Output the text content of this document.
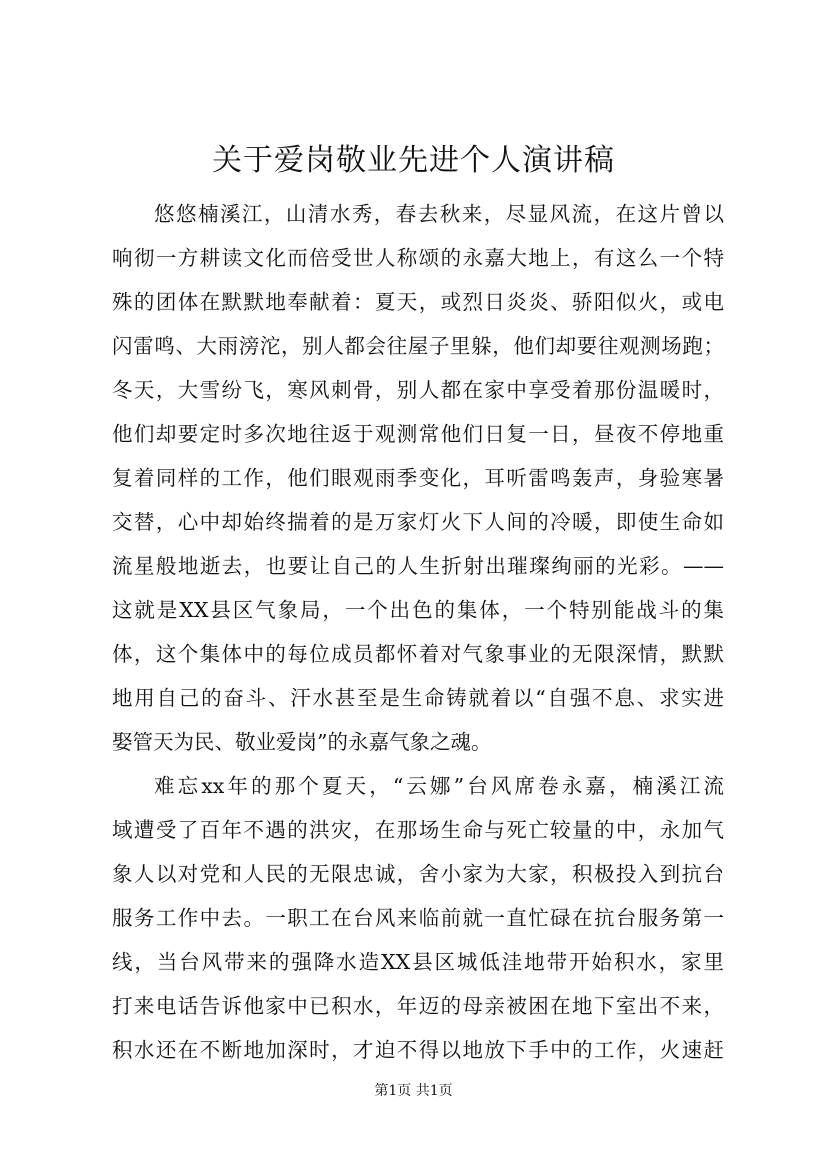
关于爱岗敬业先进个人演讲稿
悠悠楠溪江，山清水秀，春去秋来，尽显风流，在这片曾以
响彻一方耕读文化而倍受世人称颂的永嘉大地上，有这么一个特
殊的团体在默默地奉献着：夏天，或烈日炎炎、骄阳似火，或电
闪雷鸣、大雨滂沱，别人都会往屋子里躲，他们却要往观测场跑；
冬天，大雪纷飞，寒风刺骨，别人都在家中享受着那份温暖时，
他们却要定时多次地往返于观测常他们日复一日，昼夜不停地重
复着同样的工作，他们眼观雨季变化，耳听雷鸣轰声，身验寒暑
交替，心中却始终揣着的是万家灯火下人间的冷暖，即使生命如
流星般地逝去，也要让自己的人生折射出璀璨绚丽的光彩。——
这就是XX县区气象局，一个出色的集体，一个特别能战斗的集
体，这个集体中的每位成员都怀着对气象事业的无限深情，默默
地用自己的奋斗、汗水甚至是生命铸就着以“自强不息、求实进
娶管天为民、敬业爱岗”的永嘉气象之魂。
难忘xx年的那个夏天，“云娜”台风席卷永嘉，楠溪江流
域遭受了百年不遇的洪灾，在那场生命与死亡较量的中，永加气
象人以对党和人民的无限忠诚，舍小家为大家，积极投入到抗台
服务工作中去。一职工在台风来临前就一直忙碌在抗台服务第一
线，当台风带来的强降水造XX县区城低洼地带开始积水，家里
打来电话告诉他家中已积水，年迈的母亲被困在地下室出不来，
积水还在不断地加深时，才迫不得以地放下手中的工作，火速赶
第1页 共1页
